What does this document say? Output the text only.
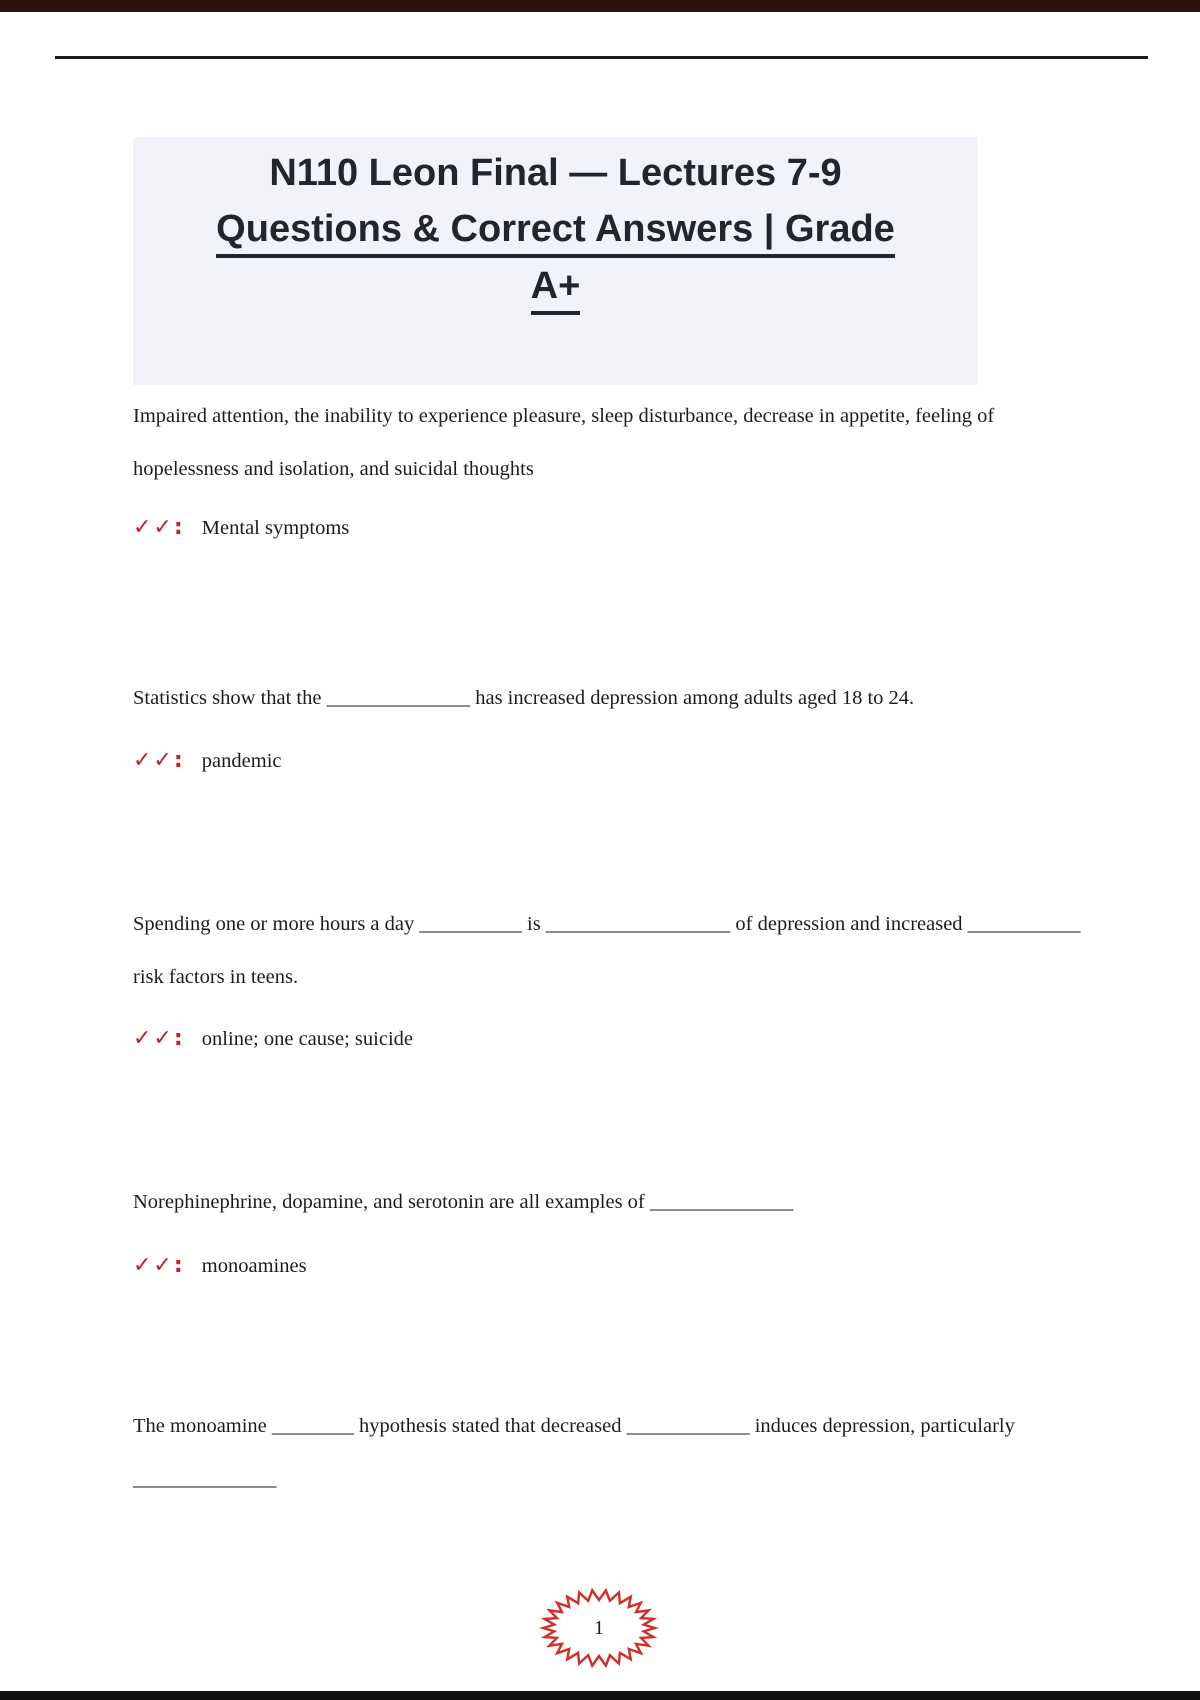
N110 Leon Final — Lectures 7-9
Questions & Correct Answers | Grade
A+
Impaired attention, the inability to experience pleasure, sleep disturbance, decrease in appetite, feeling of hopelessness and isolation, and suicidal thoughts
✓✓: Mental symptoms
Statistics show that the ______________ has increased depression among adults aged 18 to 24.
✓✓: pandemic
Spending one or more hours a day __________ is __________________ of depression and increased ___________ risk factors in teens.
✓✓: online; one cause; suicide
Norephinephrine, dopamine, and serotonin are all examples of ______________
✓✓: monoamines
The monoamine ________ hypothesis stated that decreased ____________ induces depression, particularly ______________
1
